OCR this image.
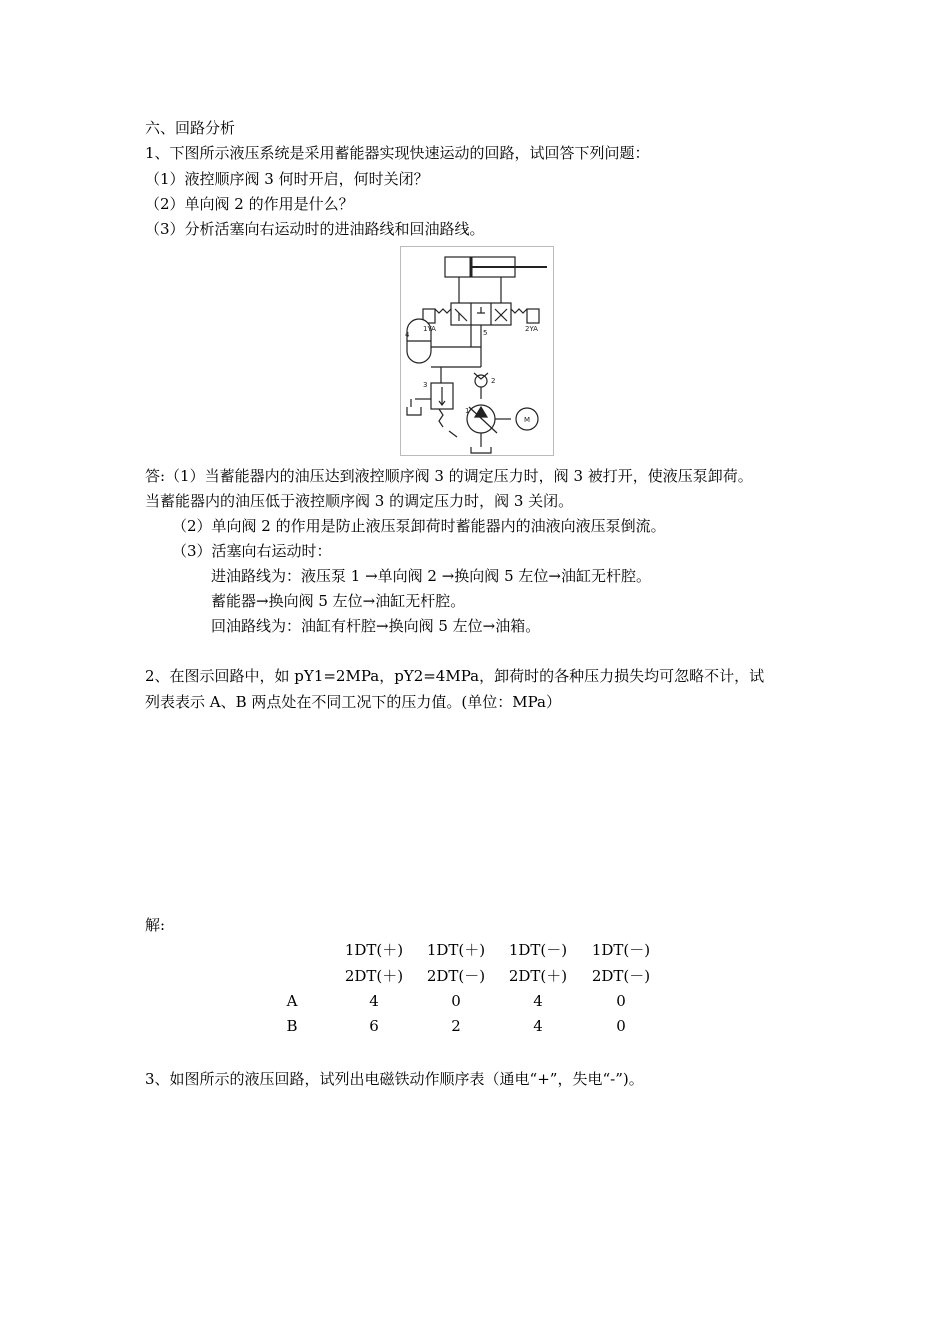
六、回路分析
1、下图所示液压系统是采用蓄能器实现快速运动的回路，试回答下列问题：
（1）液控顺序阀 3 何时开启，何时关闭？
（2）单向阀 2 的作用是什么？
（3）分析活塞向右运动时的进油路线和回油路线。
1YA	2YA
M
1
2
3
4	5
答:（1）当蓄能器内的油压达到液控顺序阀 3 的调定压力时，阀 3 被打开，使液压泵卸荷。
当蓄能器内的油压低于液控顺序阀 3 的调定压力时，阀 3 关闭。
（2）单向阀 2 的作用是防止液压泵卸荷时蓄能器内的油液向液压泵倒流。
（3）活塞向右运动时：
进油路线为：液压泵 1 →单向阀 2 →换向阀 5 左位→油缸无杆腔。
蓄能器→换向阀 5 左位→油缸无杆腔。
回油路线为：油缸有杆腔→换向阀 5 左位→油箱。
2、在图示回路中，如 pY1=2MPa，pY2=4MPa，卸荷时的各种压力损失均可忽略不计，试
列表表示 A、B 两点处在不同工况下的压力值。(单位：MPa）
解:
1DT(＋)	1DT(＋)	1DT(－)	1DT(－)
2DT(＋)	2DT(－)	2DT(＋)	2DT(－)
A	4	0	4	0
B	6	2	4	0
3、如图所示的液压回路，试列出电磁铁动作顺序表（通电“+”，失电“-”)。
